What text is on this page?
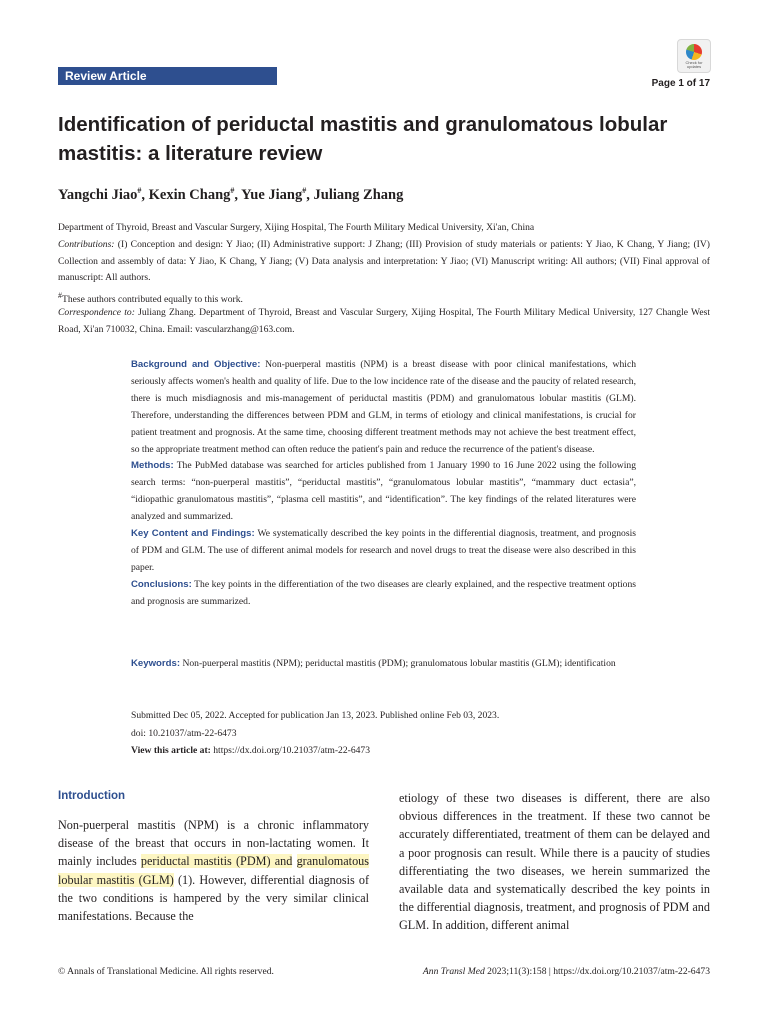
Review Article
Check for
updates
Page 1 of 17
Identification of periductal mastitis and granulomatous lobular
mastitis: a literature review
Yangchi Jiao#, Kexin Chang#, Yue Jiang#, Juliang Zhang
Department of Thyroid, Breast and Vascular Surgery, Xijing Hospital, The Fourth Military Medical University, Xi'an, China
Contributions: (I) Conception and design: Y Jiao; (II) Administrative support: J Zhang; (III) Provision of study materials or patients: Y Jiao, K Chang, Y Jiang; (IV) Collection and assembly of data: Y Jiao, K Chang, Y Jiang; (V) Data analysis and interpretation: Y Jiao; (VI) Manuscript writing: All authors; (VII) Final approval of manuscript: All authors.
#These authors contributed equally to this work.
Correspondence to: Juliang Zhang. Department of Thyroid, Breast and Vascular Surgery, Xijing Hospital, The Fourth Military Medical University, 127 Changle West Road, Xi'an 710032, China. Email: vascularzhang@163.com.

Background and Objective: Non-puerperal mastitis (NPM) is a breast disease with poor clinical manifestations, which seriously affects women's health and quality of life. Due to the low incidence rate of the disease and the paucity of related research, there is much misdiagnosis and mis-management of periductal mastitis (PDM) and granulomatous lobular mastitis (GLM). Therefore, understanding the differences between PDM and GLM, in terms of etiology and clinical manifestations, is crucial for patient treatment and prognosis. At the same time, choosing different treatment methods may not achieve the best treatment effect, so the appropriate treatment method can often reduce the patient's pain and reduce the recurrence of the patient's disease.

Methods: The PubMed database was searched for articles published from 1 January 1990 to 16 June 2022 using the following search terms: “non-puerperal mastitis”, “periductal mastitis”, “granulomatous lobular mastitis”, “mammary duct ectasia”, “idiopathic granulomatous mastitis”, “plasma cell mastitis”, and “identification”. The key findings of the related literatures were analyzed and summarized.

Key Content and Findings: We systematically described the key points in the differential diagnosis, treatment, and prognosis of PDM and GLM. The use of different animal models for research and novel drugs to treat the disease were also described in this paper.

Conclusions: The key points in the differentiation of the two diseases are clearly explained, and the respective treatment options and prognosis are summarized.

Keywords: Non-puerperal mastitis (NPM); periductal mastitis (PDM); granulomatous lobular mastitis (GLM); identification
Submitted Dec 05, 2022. Accepted for publication Jan 13, 2023. Published online Feb 03, 2023.
doi: 10.21037/atm-22-6473
View this article at: https://dx.doi.org/10.21037/atm-22-6473
Introduction

Non-puerperal mastitis (NPM) is a chronic inflammatory disease of the breast that occurs in non-lactating women. It mainly includes periductal mastitis (PDM) and granulomatous lobular mastitis (GLM) (1). However, differential diagnosis of the two conditions is hampered by the very similar clinical manifestations. Because the

etiology of these two diseases is different, there are also obvious differences in the treatment. If these two cannot be accurately differentiated, treatment of them can be delayed and a poor prognosis can result. While there is a paucity of studies differentiating the two diseases, we herein summarized the available data and systematically described the key points in the differential diagnosis, treatment, and prognosis of PDM and GLM. In addition, different animal

© Annals of Translational Medicine. All rights reserved.	Ann Transl Med 2023;11(3):158 | https://dx.doi.org/10.21037/atm-22-6473
